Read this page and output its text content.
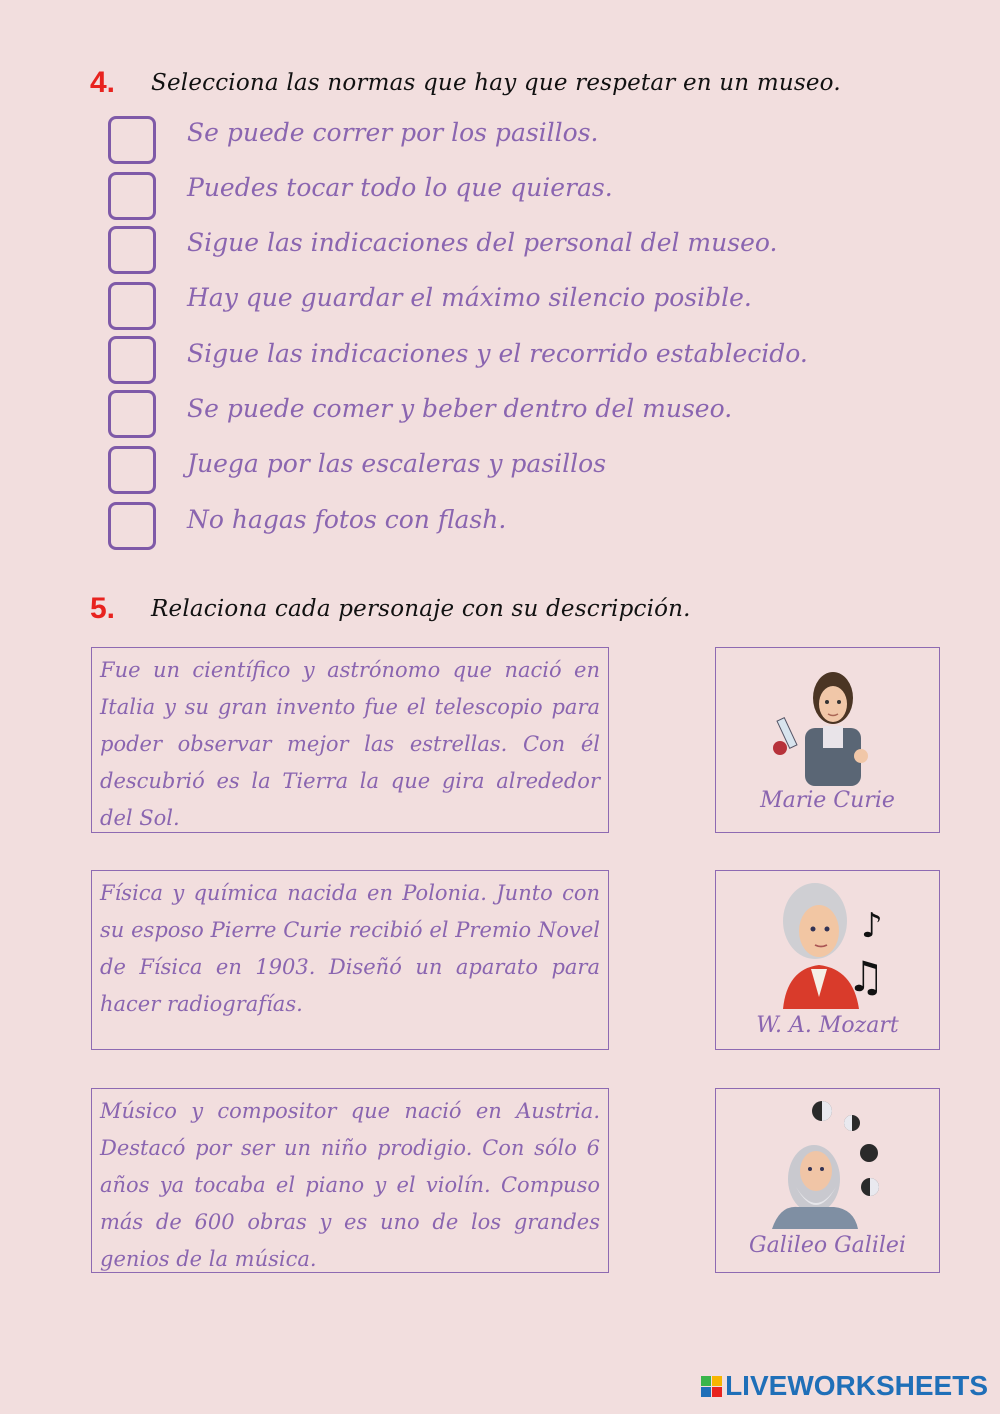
4. Selecciona las normas que hay que respetar en un museo.
Se puede correr por los pasillos.
Puedes tocar todo lo que quieras.
Sigue las indicaciones del personal del museo.
Hay que guardar el máximo silencio posible.
Sigue las indicaciones y el recorrido establecido.
Se puede comer y beber dentro del museo.
Juega por las escaleras y pasillos
No hagas fotos con flash.
5. Relaciona cada personaje con su descripción.
Fue un científico y astrónomo que nació en Italia y su gran invento fue el telescopio para poder observar mejor las estrellas. Con él descubrió es la Tierra la que gira alrededor del Sol.
Física y química nacida en Polonia. Junto con su esposo Pierre Curie recibió el Premio Novel de Física en 1903. Diseñó un aparato para hacer radiografías.
Músico y compositor que nació en Austria. Destacó por ser un niño prodigio. Con sólo 6 años ya tocaba el piano y el violín. Compuso más de 600 obras y es uno de los grandes genios de la música.
Marie Curie
♪
♫
W. A. Mozart
Galileo Galilei
LIVEWORKSHEETS
